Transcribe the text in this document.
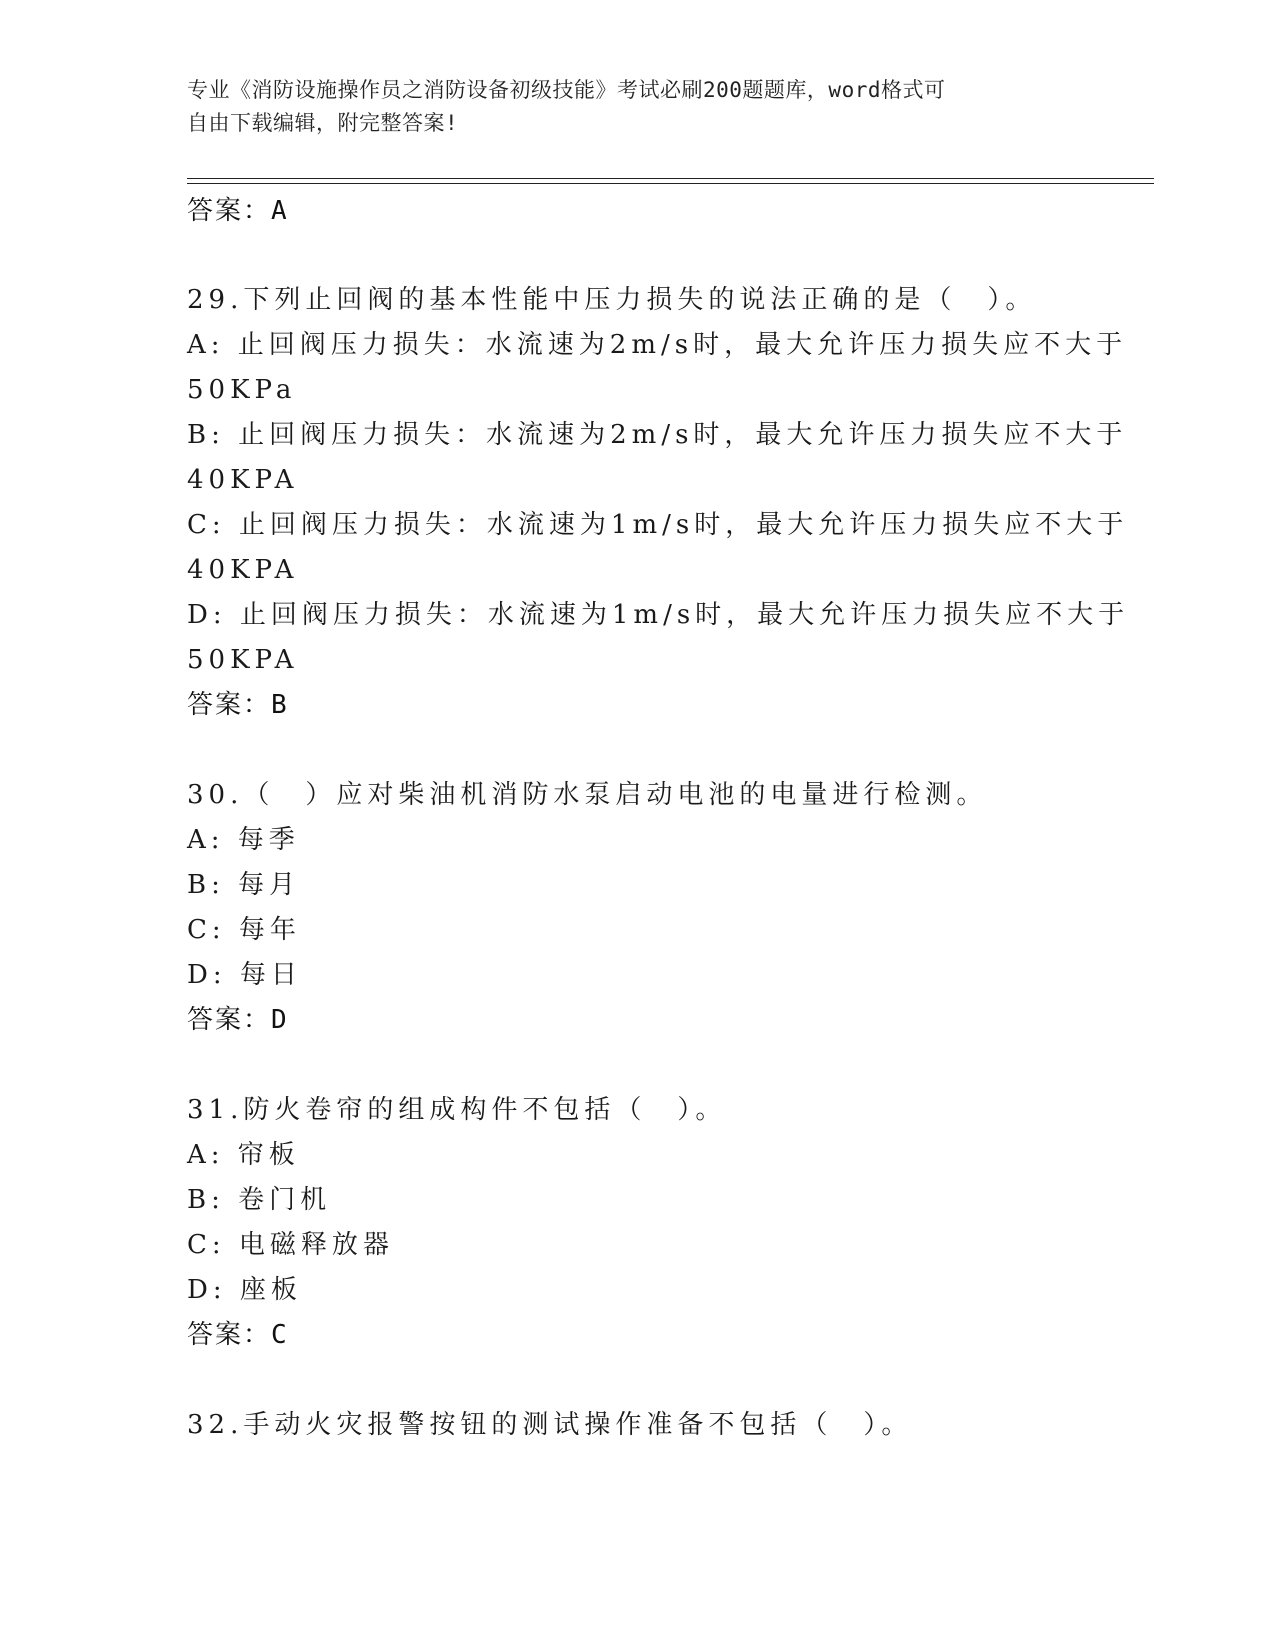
专业《消防设施操作员之消防设备初级技能》考试必刷200题题库，word格式可
自由下载编辑，附完整答案!
答案：A
29.下列止回阀的基本性能中压力损失的说法正确的是（　）。
A: 止回阀压力损失：水流速为2m/s时，最大允许压力损失应不大于
50KPa
B: 止回阀压力损失：水流速为2m/s时，最大允许压力损失应不大于
40KPA
C: 止回阀压力损失：水流速为1m/s时，最大允许压力损失应不大于
40KPA
D: 止回阀压力损失：水流速为1m/s时，最大允许压力损失应不大于
50KPA
答案：B
30.（　）应对柴油机消防水泵启动电池的电量进行检测。
A: 每季
B: 每月
C: 每年
D: 每日
答案：D
31.防火卷帘的组成构件不包括（　）。
A: 帘板
B: 卷门机
C: 电磁释放器
D: 座板
答案：C
32.手动火灾报警按钮的测试操作准备不包括（　）。
